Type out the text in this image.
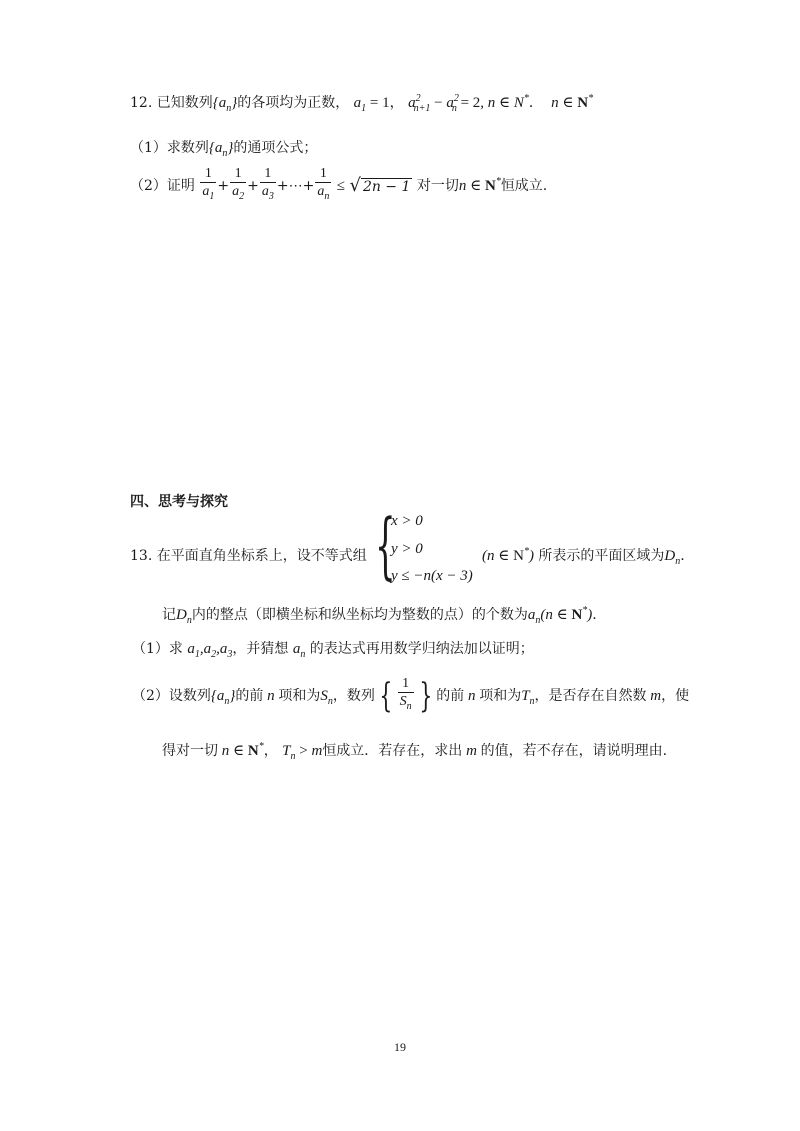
12. 已知数列$\{a_n\}$的各项均为正数， $a_1 = 1$， $a^2_{n+1} - a^2_n = 2$, n ∈ N*．  n ∈ N*
（1）求数列$\{a_n\}$的通项公式；
（2）证明 $\frac{1}{a_1} + \frac{1}{a_2} + \frac{1}{a_3}$ +⋯+ $\frac{1}{a_n}$ ≤ √ 2n − 1 对一切n ∈ N*恒成立.
四、思考与探究
13. 在平面直角坐标系上，设不等式组 {
x > 0
y > 0
y ≤ −n(x − 3)
(n ∈ N*) 所表示的平面区域为$D_n$.
记$D_n$内的整点（即横坐标和纵坐标均为整数的点）的个数为$a_n(n$ ∈ N*).
（1）求 $a_1,a_2,a_3$，并猜想 $a_n$ 的表达式再用数学归纳法加以证明；
（2）设数列$\{a_n\}$的前 n 项和为$S_n$，数列 { $\frac{1}{S_n}$ } 的前 n 项和为$T_n$，是否存在自然数 m，使
得对一切 n ∈ N*， $T_n > m$恒成立．若存在，求出 m 的值，若不存在，请说明理由.
19
